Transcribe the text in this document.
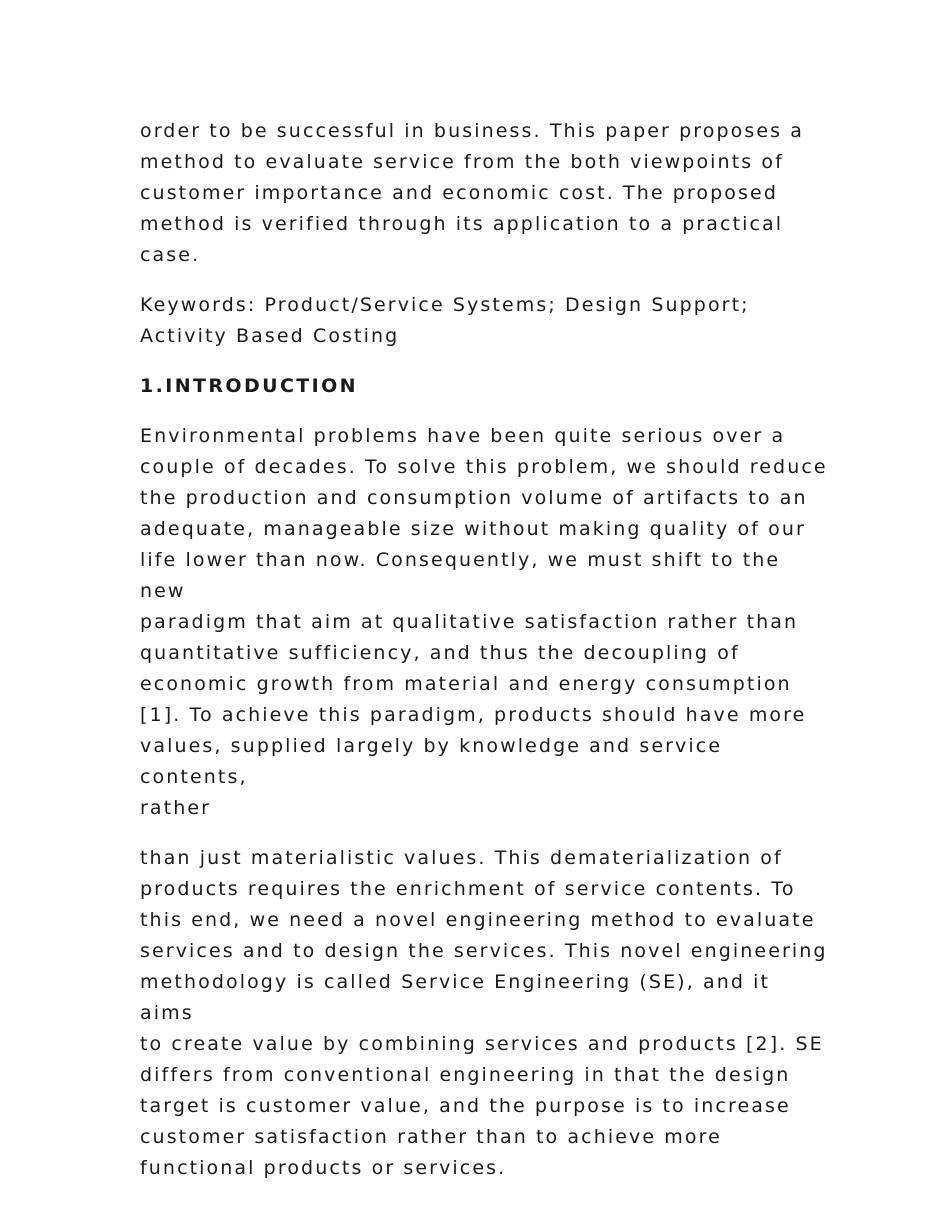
order to be successful in business. This paper proposes a
method to evaluate service from the both viewpoints of
customer importance and economic cost. The proposed
method is verified through its application to a practical
case.

Keywords: Product/Service Systems; Design Support;
Activity Based Costing

1.INTRODUCTION

Environmental problems have been quite serious over a
couple of decades. To solve this problem, we should reduce
the production and consumption volume of artifacts to an
adequate, manageable size without making quality of our
life lower than now. Consequently, we must shift to the new
paradigm that aim at qualitative satisfaction rather than
quantitative sufficiency, and thus the decoupling of
economic growth from material and energy consumption
[1]. To achieve this paradigm, products should have more
values, supplied largely by knowledge and service contents,
rather

than just materialistic values. This dematerialization of
products requires the enrichment of service contents. To
this end, we need a novel engineering method to evaluate
services and to design the services. This novel engineering
methodology is called Service Engineering (SE), and it aims
to create value by combining services and products [2]. SE
differs from conventional engineering in that the design
target is customer value, and the purpose is to increase
customer satisfaction rather than to achieve more
functional products or services.
